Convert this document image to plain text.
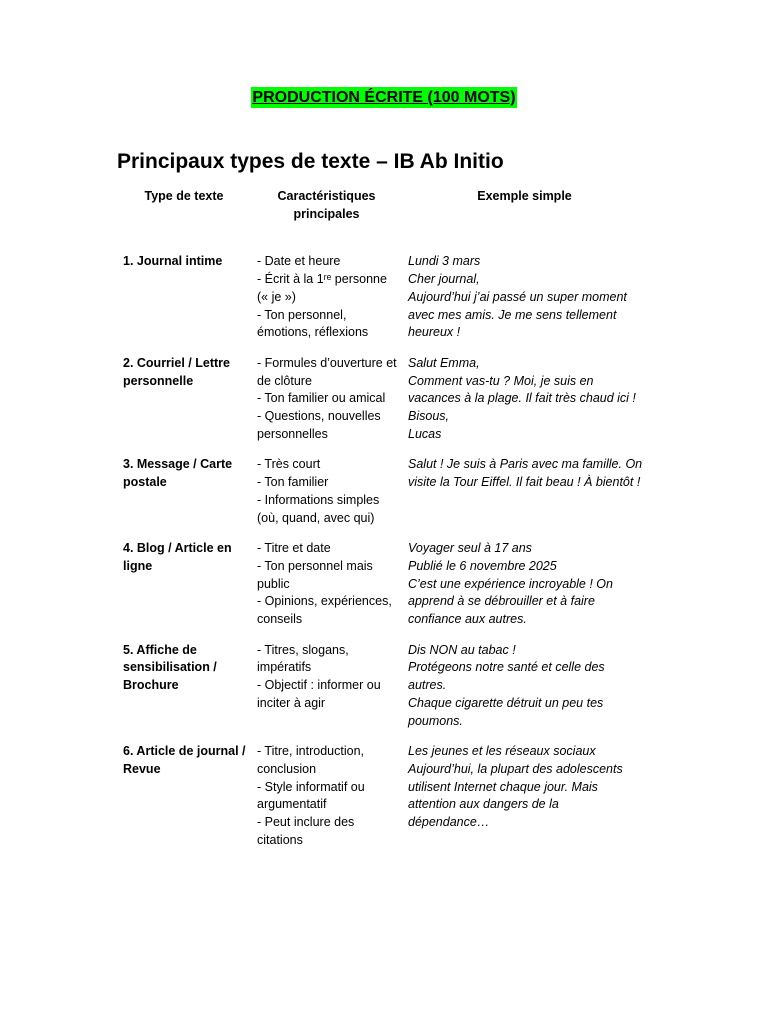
PRODUCTION ÉCRITE (100 MOTS)
Principaux types de texte – IB Ab Initio
Type de texte	Caractéristiques principales	Exemple simple
1. Journal intime	- Date et heure
- Écrit à la 1ʳᵉ personne (« je »)
- Ton personnel, émotions, réflexions	Lundi 3 mars
Cher journal,
Aujourd’hui j’ai passé un super moment avec mes amis. Je me sens tellement heureux !
2. Courriel / Lettre personnelle	- Formules d’ouverture et de clôture
- Ton familier ou amical
- Questions, nouvelles personnelles	Salut Emma,
Comment vas-tu ? Moi, je suis en vacances à la plage. Il fait très chaud ici !
Bisous,
Lucas
3. Message / Carte postale	- Très court
- Ton familier
- Informations simples (où, quand, avec qui)	Salut ! Je suis à Paris avec ma famille. On visite la Tour Eiffel. Il fait beau ! À bientôt !
4. Blog / Article en ligne	- Titre et date
- Ton personnel mais public
- Opinions, expériences, conseils	Voyager seul à 17 ans
Publié le 6 novembre 2025
C’est une expérience incroyable ! On apprend à se débrouiller et à faire confiance aux autres.
5. Affiche de sensibilisation / Brochure	- Titres, slogans, impératifs
- Objectif : informer ou inciter à agir	Dis NON au tabac !
Protégeons notre santé et celle des autres.
Chaque cigarette détruit un peu tes poumons.
6. Article de journal / Revue	- Titre, introduction, conclusion
- Style informatif ou argumentatif
- Peut inclure des citations	Les jeunes et les réseaux sociaux
Aujourd’hui, la plupart des adolescents utilisent Internet chaque jour. Mais attention aux dangers de la dépendance…
